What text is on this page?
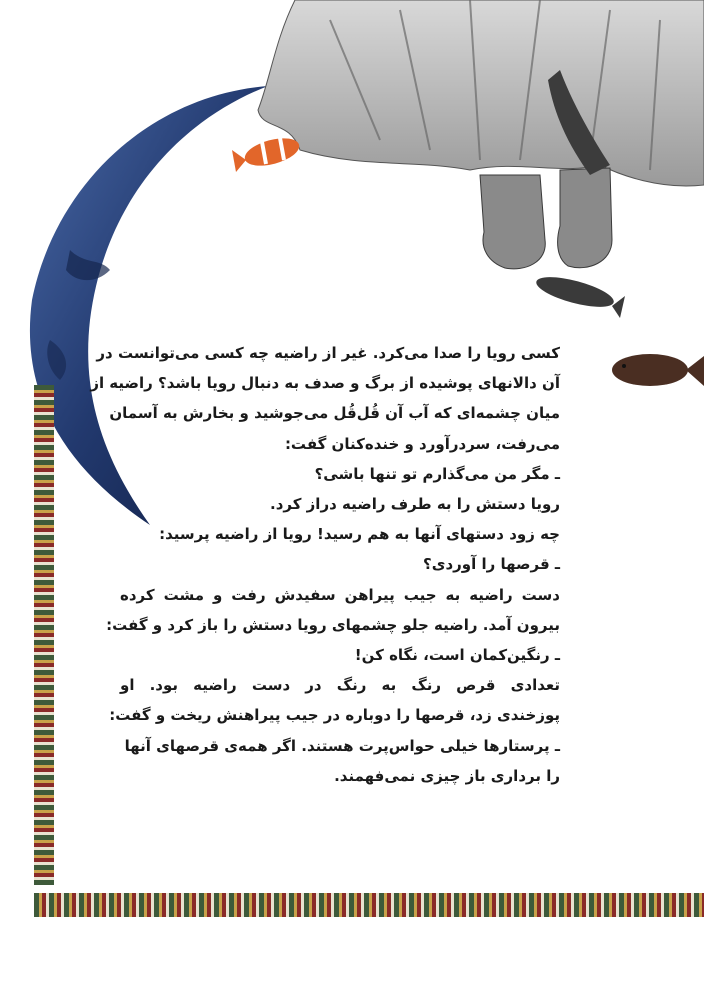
کسی رویا را صدا می‌کرد. غیر از راضیه چه کسی می‌توانست در

آن دالانهای پوشیده از برگ و صدف به دنبال رویا باشد؟ راضیه از

میان چشمه‌ای که آب آن قُل‌قُل می‌جوشید و بخارش به آسمان

می‌رفت، سردرآورد و خنده‌کنان گفت:

ـ مگر من می‌گذارم تو تنها باشی؟

رویا دستش را به طرف راضیه دراز کرد.

چه زود دستهای آنها به هم رسید! رویا از راضیه پرسید:

ـ قرصها را آوردی؟

دست راضیه به جیب پیراهن سفیدش رفت و مشت کرده

بیرون آمد. راضیه جلو چشمهای رویا دستش را باز کرد و گفت:

ـ رنگین‌کمان است، نگاه کن!

تعدادی قرص رنگ به رنگ در دست راضیه بود. او

پوزخندی زد، قرصها را دوباره در جیب پیراهنش ریخت و گفت:

ـ پرستارها خیلی حواس‌پرت هستند. اگر همه‌ی قرصهای آنها

را برداری باز چیزی نمی‌فهمند.
